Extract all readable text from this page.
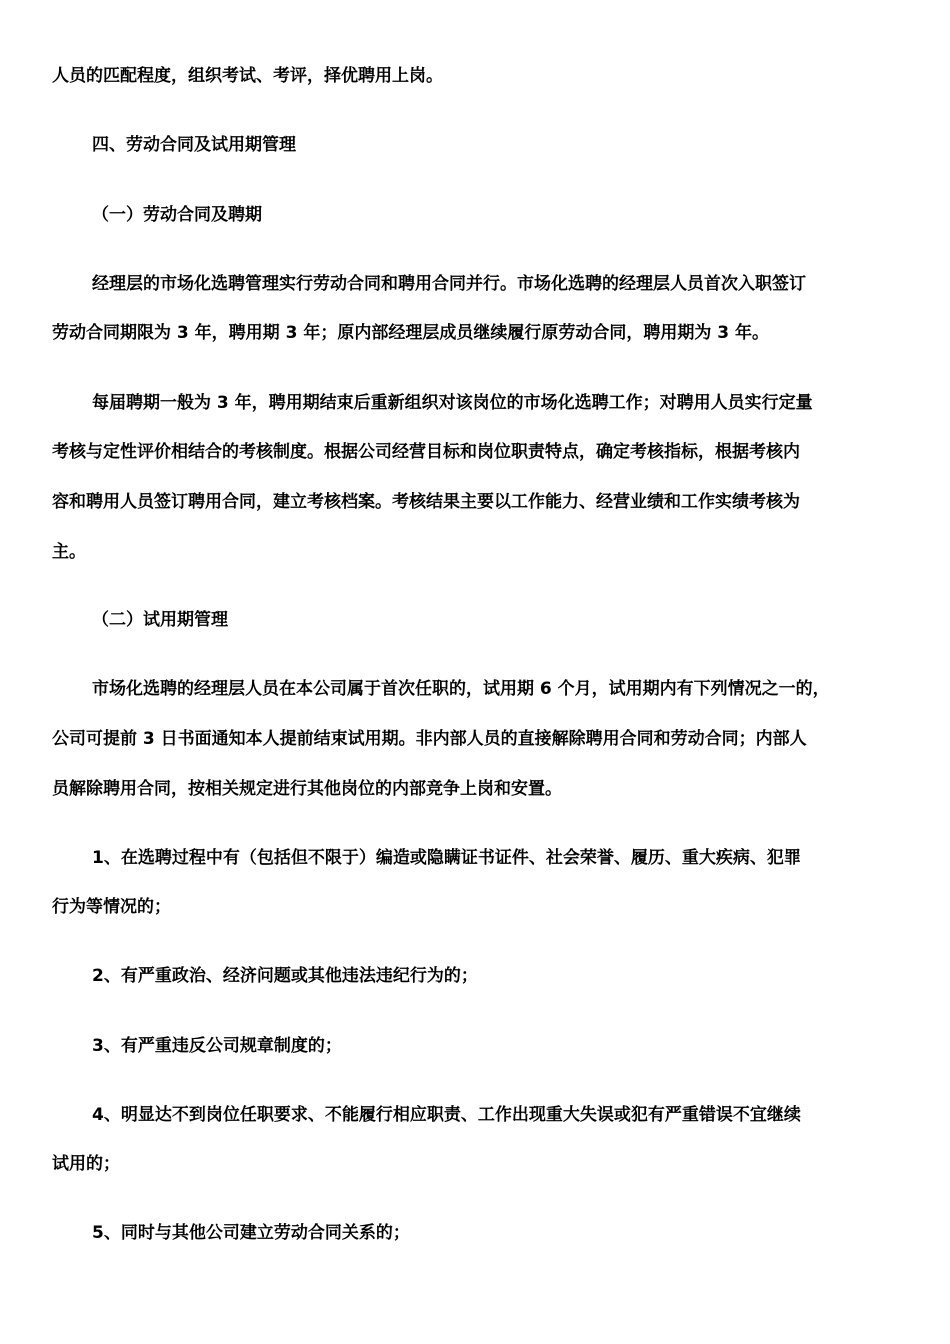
人员的匹配程度，组织考试、考评，择优聘用上岗。
四、劳动合同及试用期管理
（一）劳动合同及聘期
经理层的市场化选聘管理实行劳动合同和聘用合同并行。市场化选聘的经理层人员首次入职签订
劳动合同期限为 3 年，聘用期 3 年；原内部经理层成员继续履行原劳动合同，聘用期为 3 年。
每届聘期一般为 3 年，聘用期结束后重新组织对该岗位的市场化选聘工作；对聘用人员实行定量
考核与定性评价相结合的考核制度。根据公司经营目标和岗位职责特点，确定考核指标，根据考核内
容和聘用人员签订聘用合同，建立考核档案。考核结果主要以工作能力、经营业绩和工作实绩考核为
主。
（二）试用期管理
市场化选聘的经理层人员在本公司属于首次任职的，试用期 6 个月，试用期内有下列情况之一的，
公司可提前 3 日书面通知本人提前结束试用期。非内部人员的直接解除聘用合同和劳动合同；内部人
员解除聘用合同，按相关规定进行其他岗位的内部竞争上岗和安置。
1、在选聘过程中有（包括但不限于）编造或隐瞒证书证件、社会荣誉、履历、重大疾病、犯罪
行为等情况的；
2、有严重政治、经济问题或其他违法违纪行为的；
3、有严重违反公司规章制度的；
4、明显达不到岗位任职要求、不能履行相应职责、工作出现重大失误或犯有严重错误不宜继续
试用的；
5、同时与其他公司建立劳动合同关系的；
